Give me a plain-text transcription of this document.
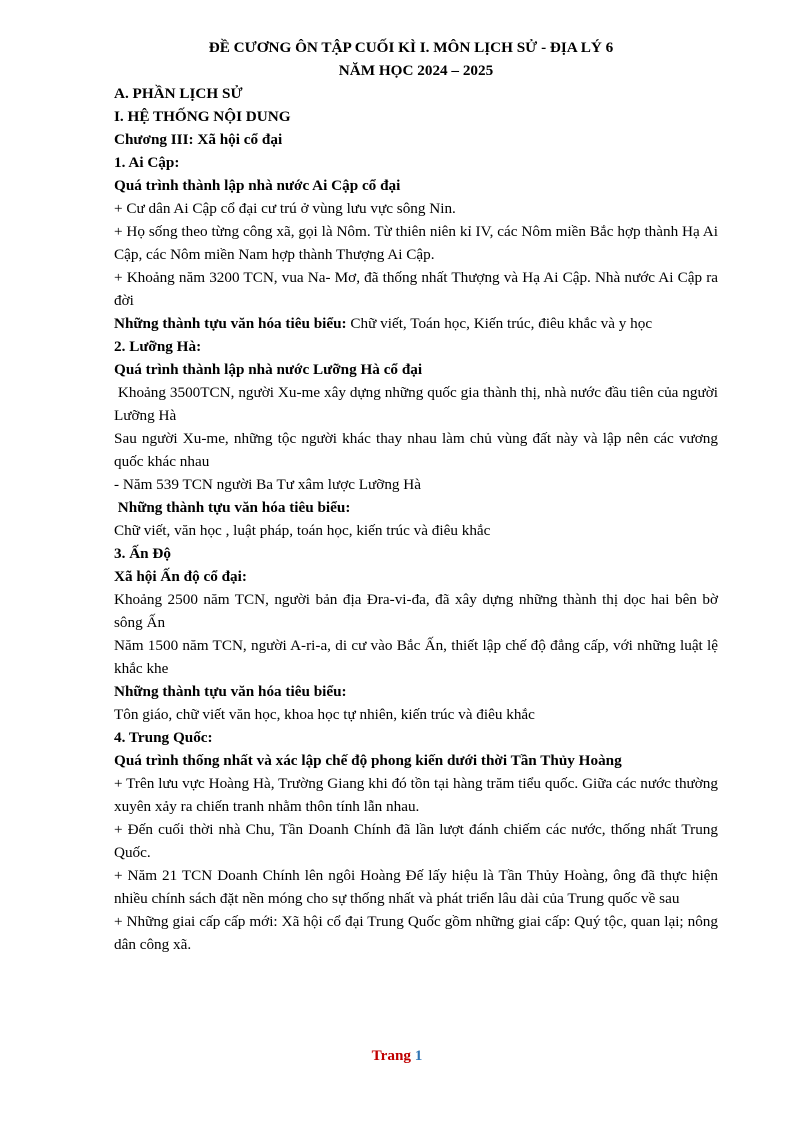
ĐỀ CƯƠNG ÔN TẬP CUỐI KÌ I. MÔN LỊCH SỬ - ĐỊA LÝ 6
NĂM HỌC 2024 – 2025
A. PHẦN LỊCH SỬ
I. HỆ THỐNG NỘI DUNG
Chương III: Xã hội cổ đại
1. Ai Cập:
Quá trình thành lập nhà nước Ai Cập cổ đại
+ Cư dân Ai Cập cổ đại cư trú ở vùng lưu vực sông Nin.
+ Họ sống theo từng công xã, gọi là Nôm. Từ thiên niên kỉ IV, các Nôm miền Bắc hợp thành Hạ Ai Cập, các Nôm miền Nam hợp thành Thượng Ai Cập.
+ Khoảng năm 3200 TCN, vua Na- Mơ, đã thống nhất Thượng và Hạ Ai Cập. Nhà nước Ai Cập ra đời
Những thành tựu văn hóa tiêu biểu: Chữ viết, Toán học, Kiến trúc, điêu khắc và y học
2. Lưỡng Hà:
Quá trình thành lập nhà nước Lưỡng Hà cổ đại
Khoảng 3500TCN, người Xu-me xây dựng những quốc gia thành thị, nhà nước đầu tiên của người Lưỡng Hà
Sau người Xu-me, những tộc người khác thay nhau làm chủ vùng đất này và lập nên các vương quốc khác nhau
- Năm 539 TCN người Ba Tư xâm lược Lưỡng Hà
Những thành tựu văn hóa tiêu biểu:
Chữ viết, văn học , luật pháp, toán học, kiến trúc và điêu khắc
3. Ấn Độ
Xã hội Ấn độ cổ đại:
Khoảng 2500 năm TCN, người bản địa Đra-vi-đa, đã xây dựng những thành thị dọc hai bên bờ sông Ấn
Năm 1500 năm TCN, người A-ri-a, di cư vào Bắc Ấn, thiết lập chế độ đẳng cấp, với những luật lệ khắc khe
Những thành tựu văn hóa tiêu biểu:
Tôn giáo, chữ viết văn học, khoa học tự nhiên, kiến trúc và điêu khắc
4. Trung Quốc:
Quá trình thống nhất và xác lập chế độ phong kiến dưới thời Tần Thủy Hoàng
+ Trên lưu vực Hoàng Hà, Trường Giang khi đó tồn tại hàng trăm tiểu quốc. Giữa các nước thường xuyên xảy ra chiến tranh nhằm thôn tính lẫn nhau.
+ Đến cuối thời nhà Chu, Tần Doanh Chính đã lần lượt đánh chiếm các nước, thống nhất Trung Quốc.
+ Năm 21 TCN Doanh Chính lên ngôi Hoàng Đế lấy hiệu là Tần Thủy Hoàng, ông đã thực hiện nhiều chính sách đặt nền móng cho sự thống nhất và phát triển lâu dài của Trung quốc về sau
+ Những giai cấp cấp mới: Xã hội cổ đại Trung Quốc gồm những giai cấp: Quý tộc, quan lại; nông dân công xã.
Trang 1
